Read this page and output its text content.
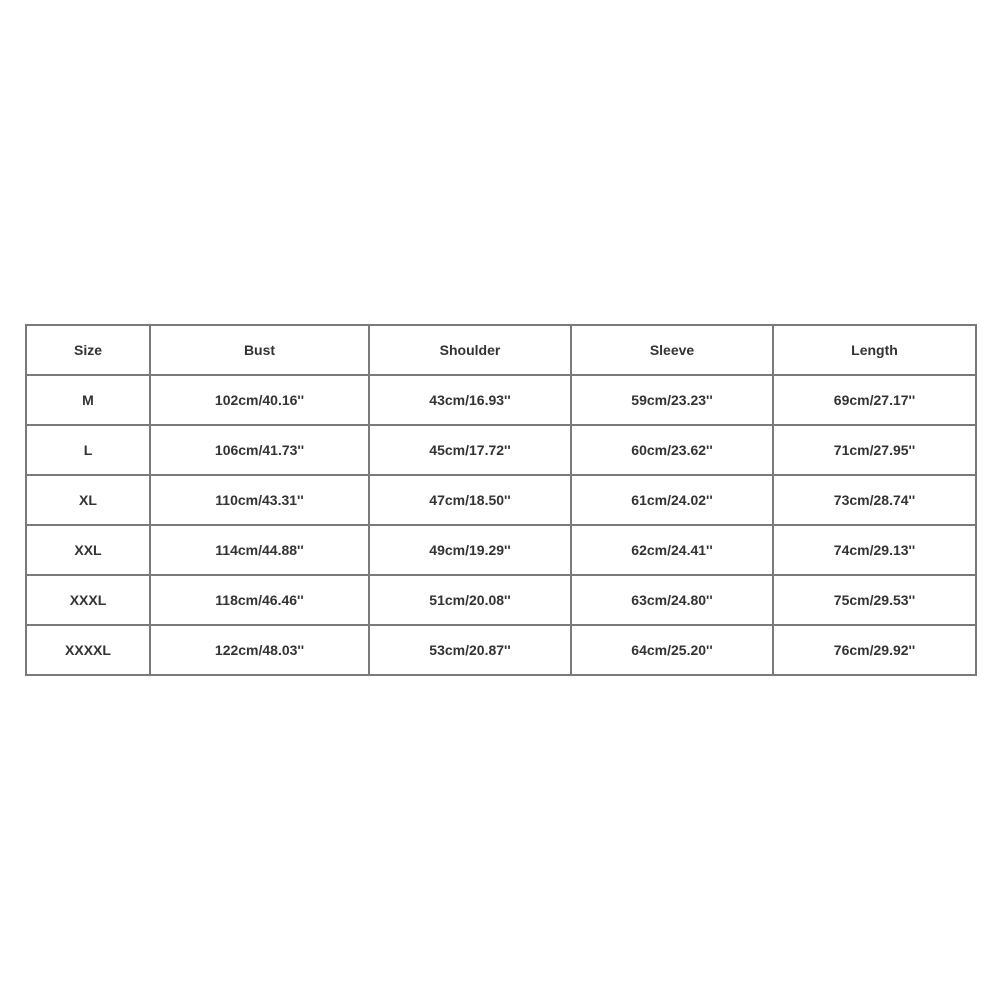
Size	Bust	Shoulder	Sleeve	Length
M	102cm/40.16''	43cm/16.93''	59cm/23.23''	69cm/27.17''
L	106cm/41.73''	45cm/17.72''	60cm/23.62''	71cm/27.95''
XL	110cm/43.31''	47cm/18.50''	61cm/24.02''	73cm/28.74''
XXL	114cm/44.88''	49cm/19.29''	62cm/24.41''	74cm/29.13''
XXXL	118cm/46.46''	51cm/20.08''	63cm/24.80''	75cm/29.53''
XXXXL	122cm/48.03''	53cm/20.87''	64cm/25.20''	76cm/29.92''
